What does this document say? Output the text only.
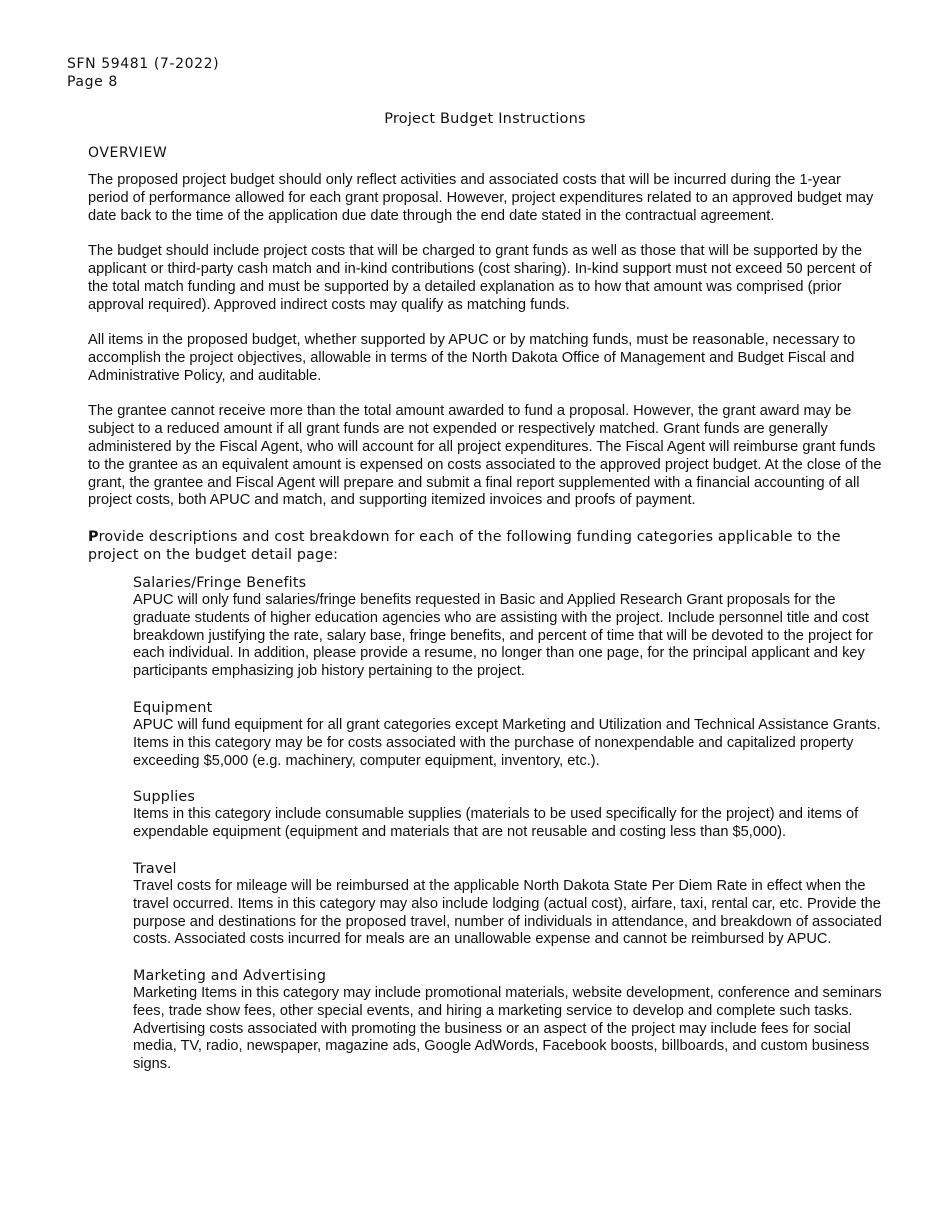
SFN 59481 (7-2022)
Page 8
Project Budget Instructions
OVERVIEW

The proposed project budget should only reflect activities and associated costs that will be incurred during the 1-year period of performance allowed for each grant proposal. However, project expenditures related to an approved budget may date back to the time of the application due date through the end date stated in the contractual agreement.

The budget should include project costs that will be charged to grant funds as well as those that will be supported by the applicant or third-party cash match and in-kind contributions (cost sharing). In-kind support must not exceed 50 percent of the total match funding and must be supported by a detailed explanation as to how that amount was comprised (prior approval required). Approved indirect costs may qualify as matching funds.

All items in the proposed budget, whether supported by APUC or by matching funds, must be reasonable, necessary to accomplish the project objectives, allowable in terms of the North Dakota Office of Management and Budget Fiscal and Administrative Policy, and auditable.

The grantee cannot receive more than the total amount awarded to fund a proposal. However, the grant award may be subject to a reduced amount if all grant funds are not expended or respectively matched. Grant funds are generally administered by the Fiscal Agent, who will account for all project expenditures. The Fiscal Agent will reimburse grant funds to the grantee as an equivalent amount is expensed on costs associated to the approved project budget. At the close of the grant, the grantee and Fiscal Agent will prepare and submit a final report supplemented with a financial accounting of all project costs, both APUC and match, and supporting itemized invoices and proofs of payment.

Provide descriptions and cost breakdown for each of the following funding categories applicable to the project on the budget detail page:

Salaries/Fringe Benefits
APUC will only fund salaries/fringe benefits requested in Basic and Applied Research Grant proposals for the graduate students of higher education agencies who are assisting with the project. Include personnel title and cost breakdown justifying the rate, salary base, fringe benefits, and percent of time that will be devoted to the project for each individual. In addition, please provide a resume, no longer than one page, for the principal applicant and key participants emphasizing job history pertaining to the project.
Equipment
APUC will fund equipment for all grant categories except Marketing and Utilization and Technical Assistance Grants. Items in this category may be for costs associated with the purchase of nonexpendable and capitalized property exceeding $5,000 (e.g. machinery, computer equipment, inventory, etc.).
Supplies
Items in this category include consumable supplies (materials to be used specifically for the project) and items of expendable equipment (equipment and materials that are not reusable and costing less than $5,000).
Travel
Travel costs for mileage will be reimbursed at the applicable North Dakota State Per Diem Rate in effect when the travel occurred. Items in this category may also include lodging (actual cost), airfare, taxi, rental car, etc. Provide the purpose and destinations for the proposed travel, number of individuals in attendance, and breakdown of associated costs. Associated costs incurred for meals are an unallowable expense and cannot be reimbursed by APUC.
Marketing and Advertising
Marketing Items in this category may include promotional materials, website development, conference and seminars fees, trade show fees, other special events, and hiring a marketing service to develop and complete such tasks. Advertising costs associated with promoting the business or an aspect of the project may include fees for social media, TV, radio, newspaper, magazine ads, Google AdWords, Facebook boosts, billboards, and custom business signs.
